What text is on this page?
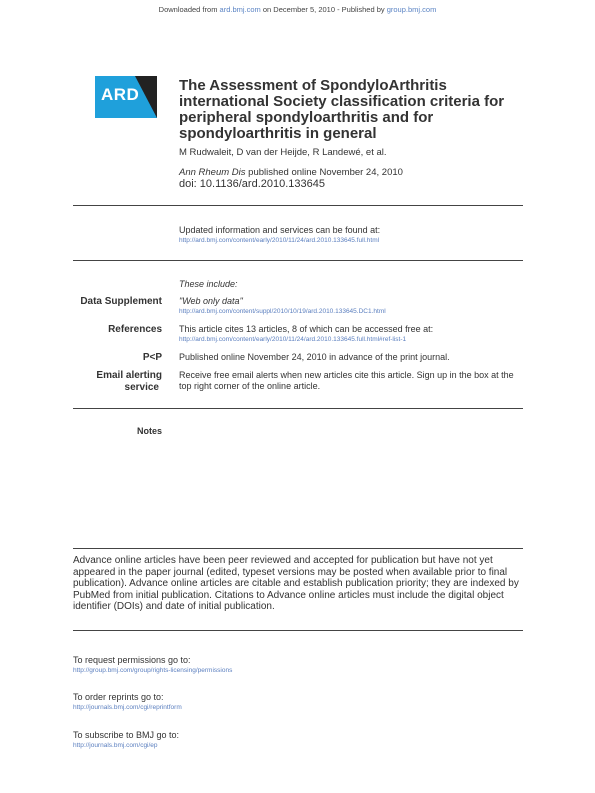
Downloaded from ard.bmj.com on December 5, 2010 - Published by group.bmj.com
ARD	The Assessment of SpondyloArthritis international Society classification criteria for peripheral spondyloarthritis and for spondyloarthritis in general
M Rudwaleit, D van der Heijde, R Landewé, et al.
Ann Rheum Dis published online November 24, 2010
doi: 10.1136/ard.2010.133645
Updated information and services can be found at:
http://ard.bmj.com/content/early/2010/11/24/ard.2010.133645.full.html
These include:
Data Supplement "Web only data"
http://ard.bmj.com/content/suppl/2010/10/19/ard.2010.133645.DC1.html
References This article cites 13 articles, 8 of which can be accessed free at:
http://ard.bmj.com/content/early/2010/11/24/ard.2010.133645.full.html#ref-list-1
P<P Published online November 24, 2010 in advance of the print journal.
Email alerting
service
Receive free email alerts when new articles cite this article. Sign up in the box at the top right corner of the online article.
Notes
Advance online articles have been peer reviewed and accepted for publication but have not yet appeared in the paper journal (edited, typeset versions may be posted when available prior to final publication). Advance online articles are citable and establish publication priority; they are indexed by PubMed from initial publication. Citations to Advance online articles must include the digital object identifier (DOIs) and date of initial publication.
To request permissions go to:
http://group.bmj.com/group/rights-licensing/permissions
To order reprints go to:
http://journals.bmj.com/cgi/reprintform
To subscribe to BMJ go to:
http://journals.bmj.com/cgi/ep
